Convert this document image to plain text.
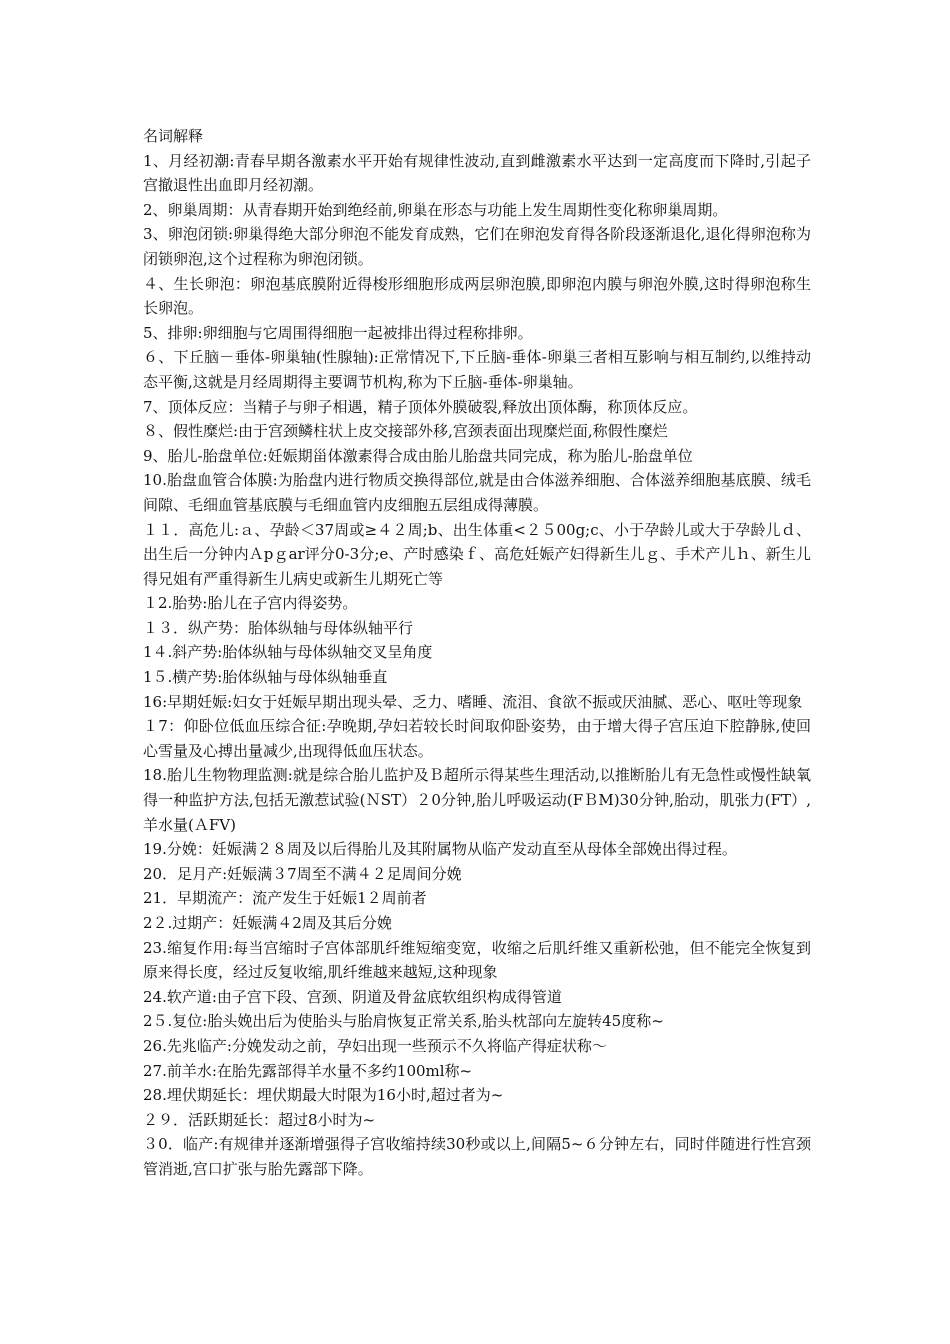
名词解释

1、月经初潮:青春早期各激素水平开始有规律性波动,直到雌激素水平达到一定高度而下降时,引起子宫撤退性出血即月经初潮。

2、卵巢周期：从青春期开始到绝经前,卵巢在形态与功能上发生周期性变化称卵巢周期。

3、卵泡闭锁:卵巢得绝大部分卵泡不能发育成熟，它们在卵泡发育得各阶段逐渐退化,退化得卵泡称为闭锁卵泡,这个过程称为卵泡闭锁。

４、生长卵泡：卵泡基底膜附近得梭形细胞形成两层卵泡膜,即卵泡内膜与卵泡外膜,这时得卵泡称生长卵泡。

5、排卵:卵细胞与它周围得细胞一起被排出得过程称排卵。

６、下丘脑－垂体-卵巢轴(性腺轴):正常情况下,下丘脑-垂体-卵巢三者相互影响与相互制约,以维持动态平衡,这就是月经周期得主要调节机构,称为下丘脑-垂体-卵巢轴。

7、顶体反应：当精子与卵子相遇，精子顶体外膜破裂,释放出顶体酶，称顶体反应。

８、假性糜烂:由于宫颈鳞柱状上皮交接部外移,宫颈表面出现糜烂面,称假性糜烂

9、胎儿-胎盘单位:妊娠期甾体激素得合成由胎儿胎盘共同完成，称为胎儿-胎盘单位

10.胎盘血管合体膜:为胎盘内进行物质交换得部位,就是由合体滋养细胞、合体滋养细胞基底膜、绒毛间隙、毛细血管基底膜与毛细血管内皮细胞五层组成得薄膜。

１１．高危儿:ａ、孕龄＜37周或≥４２周;b、出生体重<２５00g;c、小于孕龄儿或大于孕龄儿ｄ、出生后一分钟内Ａpｇar评分0-3分;e、产时感染ｆ、高危妊娠产妇得新生儿ｇ、手术产儿ｈ、新生儿得兄姐有严重得新生儿病史或新生儿期死亡等

１2.胎势:胎儿在子宫内得姿势。

１３．纵产势：胎体纵轴与母体纵轴平行

1４.斜产势:胎体纵轴与母体纵轴交叉呈角度

1５.横产势:胎体纵轴与母体纵轴垂直

16:早期妊娠:妇女于妊娠早期出现头晕、乏力、嗜睡、流泪、食欲不振或厌油腻、恶心、呕吐等现象

１7：仰卧位低血压综合征:孕晚期,孕妇若较长时间取仰卧姿势，由于增大得子宫压迫下腔静脉,使回心雪量及心搏出量减少,出现得低血压状态。

18.胎儿生物物理监测:就是综合胎儿监护及Ｂ超所示得某些生理活动,以推断胎儿有无急性或慢性缺氧得一种监护方法,包括无激惹试验(ＮST）２0分钟,胎儿呼吸运动(FＢM)30分钟,胎动，肌张力(FT）,羊水量(ＡFV)

19.分娩：妊娠满２８周及以后得胎儿及其附属物从临产发动直至从母体全部娩出得过程。

20．足月产:妊娠满３7周至不满４２足周间分娩

21．早期流产：流产发生于妊娠1２周前者

2２.过期产：妊娠满４2周及其后分娩

23.缩复作用:每当宫缩时子宫体部肌纤维短缩变宽，收缩之后肌纤维又重新松弛，但不能完全恢复到原来得长度，经过反复收缩,肌纤维越来越短,这种现象

24.软产道:由子宫下段、宫颈、阴道及骨盆底软组织构成得管道

2５.复位:胎头娩出后为使胎头与胎肩恢复正常关系,胎头枕部向左旋转45度称~

26.先兆临产:分娩发动之前，孕妇出现一些预示不久将临产得症状称～

27.前羊水:在胎先露部得羊水量不多约100ml称~

28.埋伏期延长：埋伏期最大时限为16小时,超过者为~

２９．活跃期延长：超过8小时为~

３0．临产:有规律并逐渐增强得子宫收缩持续30秒或以上,间隔5~６分钟左右，同时伴随进行性宫颈管消逝,宫口扩张与胎先露部下降。
